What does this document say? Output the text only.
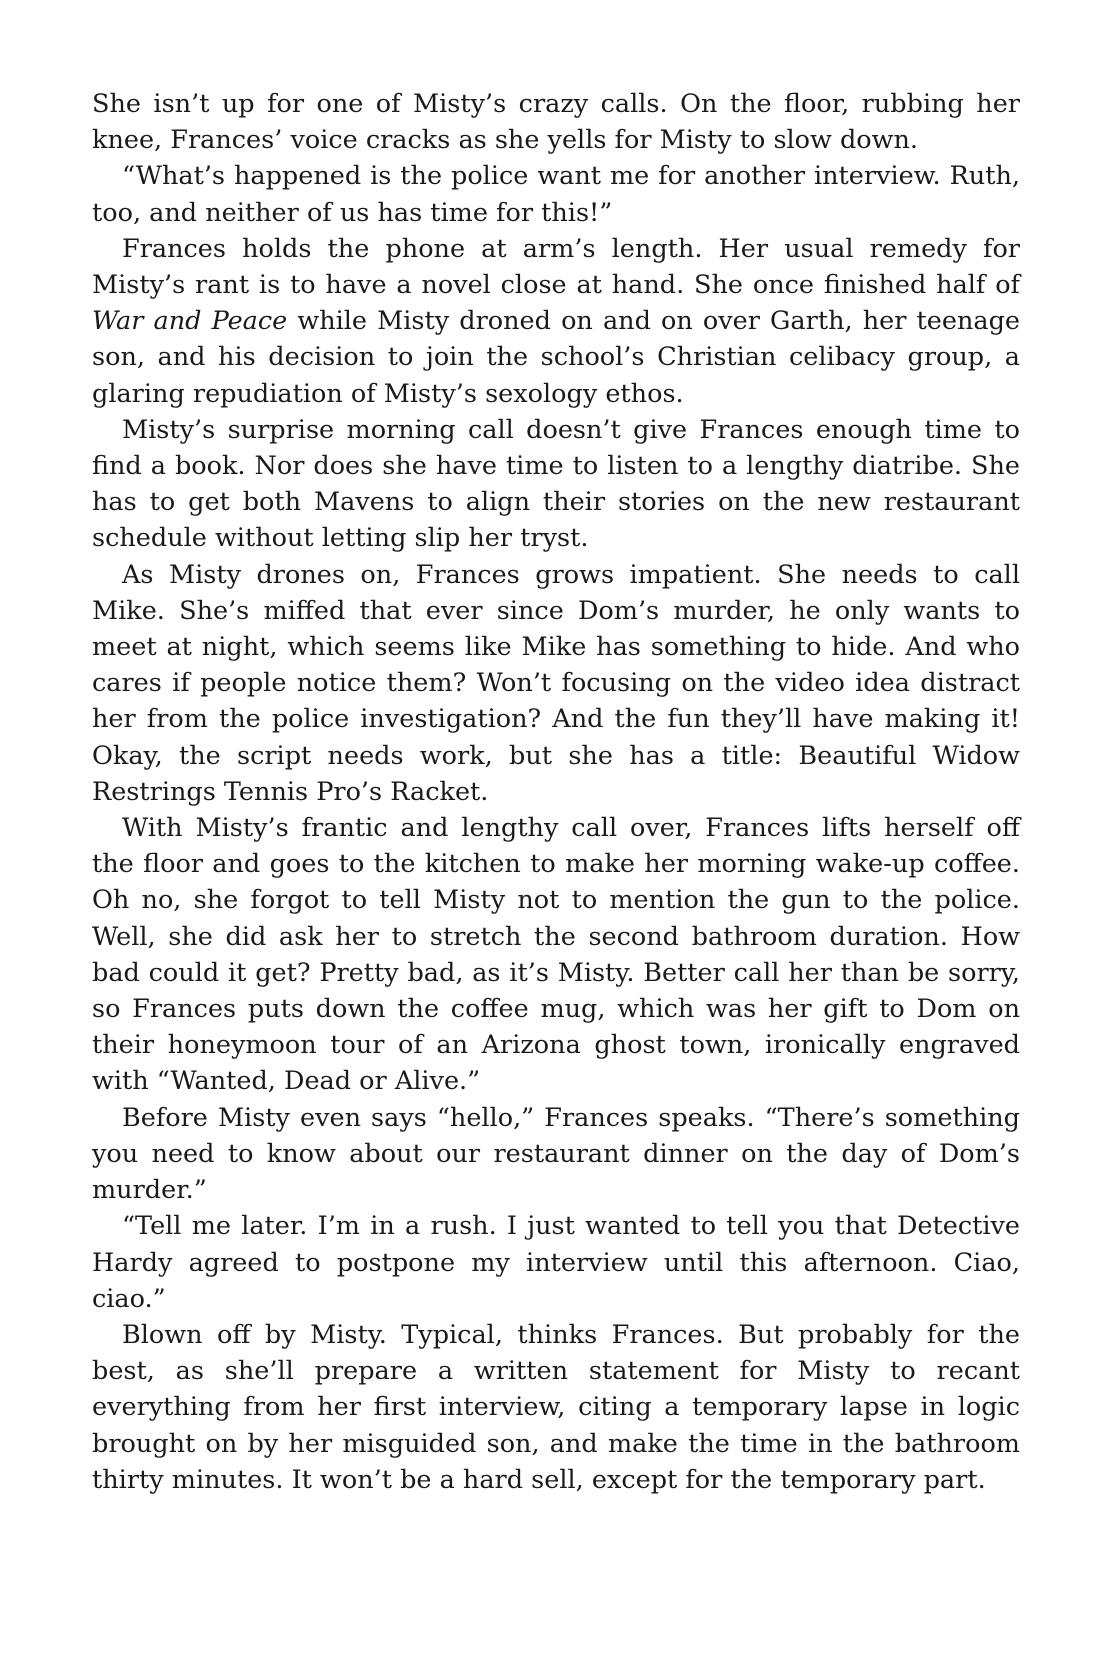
She isn’t up for one of Misty’s crazy calls. On the floor, rubbing her knee, Frances’ voice cracks as she yells for Misty to slow down.

“What’s happened is the police want me for another interview. Ruth, too, and neither of us has time for this!”

Frances holds the phone at arm’s length. Her usual remedy for Misty’s rant is to have a novel close at hand. She once finished half of War and Peace while Misty droned on and on over Garth, her teenage son, and his decision to join the school’s Christian celibacy group, a glaring repudiation of Misty’s sexology ethos.

Misty’s surprise morning call doesn’t give Frances enough time to find a book. Nor does she have time to listen to a lengthy diatribe. She has to get both Mavens to align their stories on the new restaurant schedule without letting slip her tryst.

As Misty drones on, Frances grows impatient. She needs to call Mike. She’s miffed that ever since Dom’s murder, he only wants to meet at night, which seems like Mike has something to hide. And who cares if people notice them? Won’t focusing on the video idea distract her from the police investigation? And the fun they’ll have making it! Okay, the script needs work, but she has a title: Beautiful Widow Restrings Tennis Pro’s Racket.

With Misty’s frantic and lengthy call over, Frances lifts herself off the floor and goes to the kitchen to make her morning wake-up coffee. Oh no, she forgot to tell Misty not to mention the gun to the police. Well, she did ask her to stretch the second bathroom duration. How bad could it get? Pretty bad, as it’s Misty. Better call her than be sorry, so Frances puts down the coffee mug, which was her gift to Dom on their honeymoon tour of an Arizona ghost town, ironically engraved with “Wanted, Dead or Alive.”

Before Misty even says “hello,” Frances speaks. “There’s something you need to know about our restaurant dinner on the day of Dom’s murder.”

“Tell me later. I’m in a rush. I just wanted to tell you that Detective Hardy agreed to postpone my interview until this afternoon. Ciao, ciao.”

Blown off by Misty. Typical, thinks Frances. But probably for the best, as she’ll prepare a written statement for Misty to recant everything from her first interview, citing a temporary lapse in logic brought on by her misguided son, and make the time in the bathroom thirty minutes. It won’t be a hard sell, except for the temporary part.
